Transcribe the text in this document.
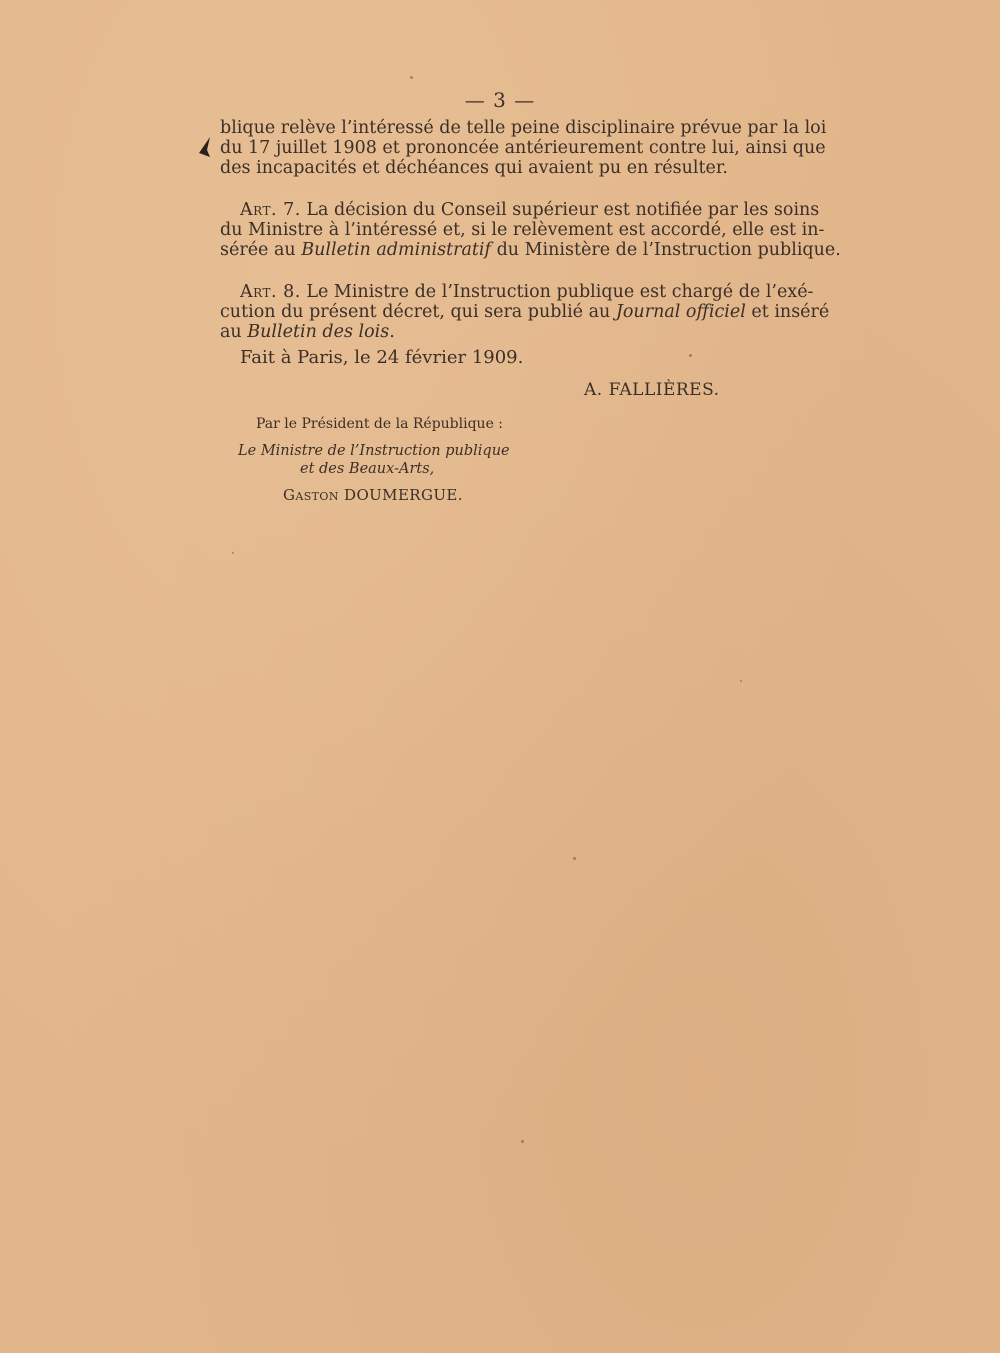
— 3 —
blique relève l’intéressé de telle peine disciplinaire prévue par la loi
du 17 juillet 1908 et prononcée antérieurement contre lui, ainsi que
des incapacités et déchéances qui avaient pu en résulter.
Art. 7. La décision du Conseil supérieur est notifiée par les soins
du Ministre à l’intéressé et, si le relèvement est accordé, elle est in-
sérée au Bulletin administratif du Ministère de l’Instruction publique.
Art. 8. Le Ministre de l’Instruction publique est chargé de l’exé-
cution du présent décret, qui sera publié au Journal officiel et inséré
au Bulletin des lois.
Fait à Paris, le 24 février 1909.
A. FALLIÈRES.
Par le Président de la République :
Le Ministre de l’Instruction publique
et des Beaux-Arts,
Gaston DOUMERGUE.
